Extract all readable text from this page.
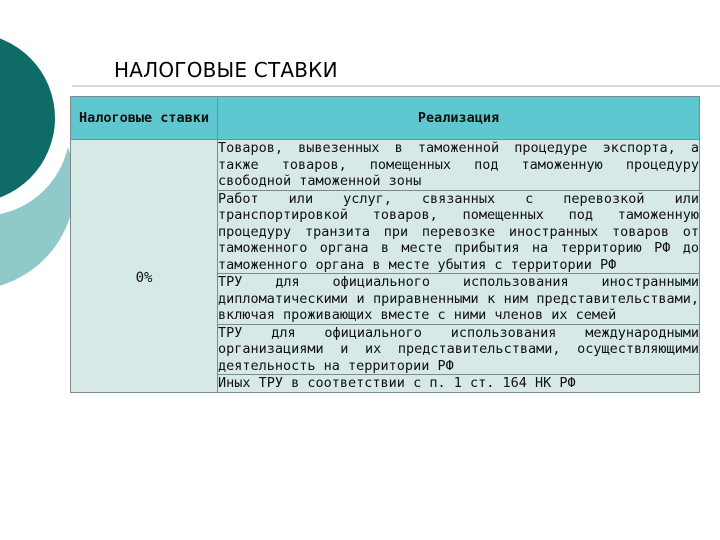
НАЛОГОВЫЕ СТАВКИ
Налоговые ставки	Реализация
0%	Товаров, вывезенных в таможенной процедуре экспорта, а также товаров, помещенных под таможенную процедуру свободной таможенной зоны
	Работ или услуг, связанных с перевозкой или транспортировкой товаров, помещенных под таможенную процедуру транзита при перевозке иностранных товаров от таможенного органа в месте прибытия на территорию РФ до таможенного органа в месте убытия с территории РФ
	ТРУ для официального использования иностранными дипломатическими и приравненными к ним представительствами, включая проживающих вместе с ними членов их семей
	ТРУ для официального использования международными организациями и их представительствами, осуществляющими деятельность на территории РФ
	Иных ТРУ в соответствии с п. 1 ст. 164 НК РФ
